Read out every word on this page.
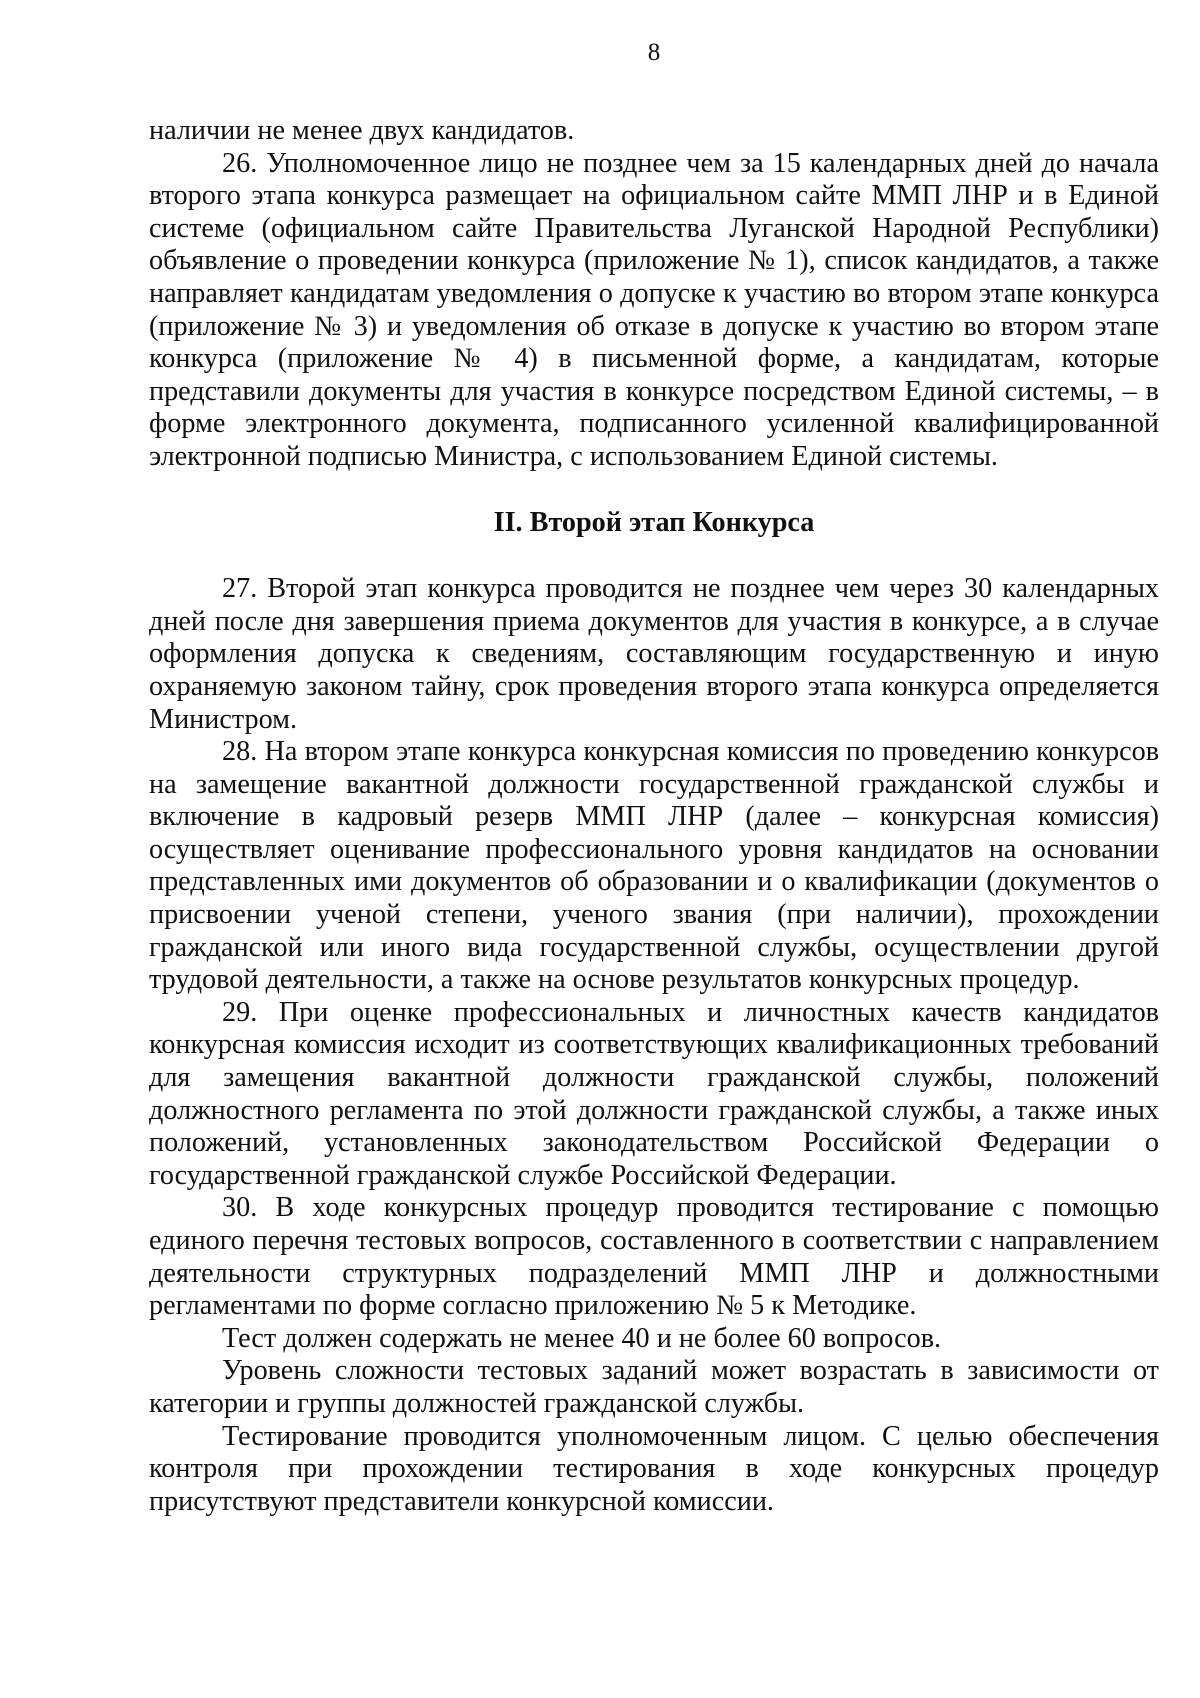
8

наличии не менее двух кандидатов.

26. Уполномоченное лицо не позднее чем за 15 календарных дней до начала второго этапа конкурса размещает на официальном сайте ММП ЛНР и в Единой системе (официальном сайте Правительства Луганской Народной Республики) объявление о проведении конкурса (приложение № 1), список кандидатов, а также направляет кандидатам уведомления о допуске к участию во втором этапе конкурса (приложение № 3) и уведомления об отказе в допуске к участию во втором этапе конкурса (приложение № 4) в письменной форме, а кандидатам, которые представили документы для участия в конкурсе посредством Единой системы, – в форме электронного документа, подписанного усиленной квалифицированной электронной подписью Министра, с использованием Единой системы.

II. Второй этап Конкурса

27. Второй этап конкурса проводится не позднее чем через 30 календарных дней после дня завершения приема документов для участия в конкурсе, а в случае оформления допуска к сведениям, составляющим государственную и иную охраняемую законом тайну, срок проведения второго этапа конкурса определяется Министром.

28. На втором этапе конкурса конкурсная комиссия по проведению конкурсов на замещение вакантной должности государственной гражданской службы и включение в кадровый резерв ММП ЛНР (далее – конкурсная комиссия) осуществляет оценивание профессионального уровня кандидатов на основании представленных ими документов об образовании и о квалификации (документов о присвоении ученой степени, ученого звания (при наличии), прохождении гражданской или иного вида государственной службы, осуществлении другой трудовой деятельности, а также на основе результатов конкурсных процедур.

29. При оценке профессиональных и личностных качеств кандидатов конкурсная комиссия исходит из соответствующих квалификационных требований для замещения вакантной должности гражданской службы, положений должностного регламента по этой должности гражданской службы, а также иных положений, установленных законодательством Российской Федерации о государственной гражданской службе Российской Федерации.

30. В ходе конкурсных процедур проводится тестирование с помощью единого перечня тестовых вопросов, составленного в соответствии с направлением деятельности структурных подразделений ММП ЛНР и должностными регламентами по форме согласно приложению № 5 к Методике.

Тест должен содержать не менее 40 и не более 60 вопросов.

Уровень сложности тестовых заданий может возрастать в зависимости от категории и группы должностей гражданской службы.

Тестирование проводится уполномоченным лицом. С целью обеспечения контроля при прохождении тестирования в ходе конкурсных процедур присутствуют представители конкурсной комиссии.
